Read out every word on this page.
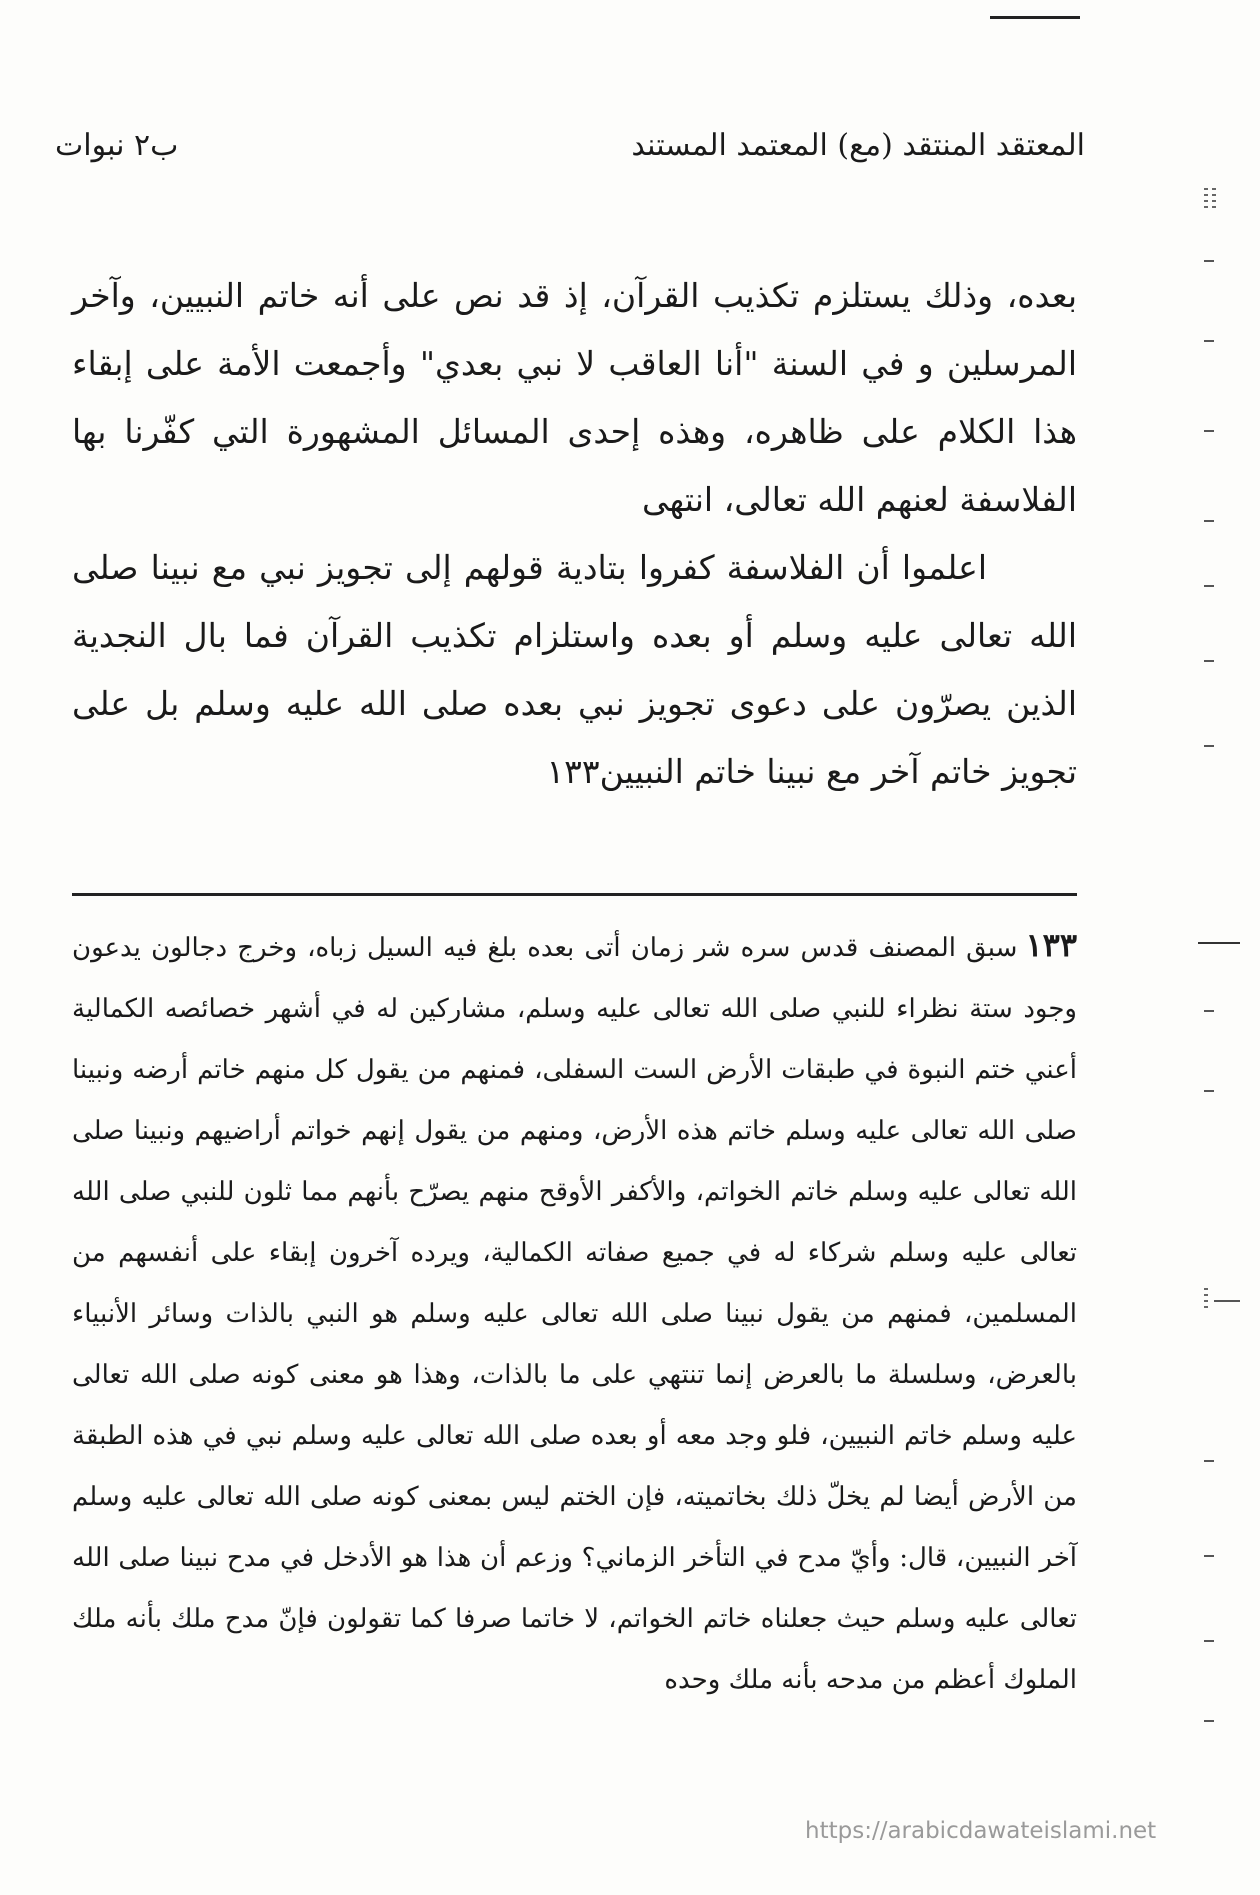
المعتقد المنتقد (مع) المعتمد المستند
ب٢ نبوات

بعده، وذلك يستلزم تكذيب القرآن، إذ قد نص على أنه خاتم النبيين، وآخر المرسلين و في السنة "أنا العاقب لا نبي بعدي" وأجمعت الأمة على إبقاء هذا الكلام على ظاهره، وهذه إحدى المسائل المشهورة التي كفّرنا بها الفلاسفة لعنهم الله تعالى، انتهى

اعلموا أن الفلاسفة كفروا بتادية قولهم إلى تجويز نبي مع نبينا صلى الله تعالى عليه وسلم أو بعده واستلزام تكذيب القرآن فما بال النجدية الذين يصرّون على دعوى تجويز نبي بعده صلى الله عليه وسلم بل على تجويز خاتم آخر مع نبينا خاتم النبيين١٣٣

١٣٣سبق المصنف قدس سره شر زمان أتى بعده بلغ فيه السيل زباه، وخرج دجالون يدعون وجود ستة نظراء للنبي صلى الله تعالى عليه وسلم، مشاركين له في أشهر خصائصه الكمالية أعني ختم النبوة في طبقات الأرض الست السفلى، فمنهم من يقول كل منهم خاتم أرضه ونبينا صلى الله تعالى عليه وسلم خاتم هذه الأرض، ومنهم من يقول إنهم خواتم أراضيهم ونبينا صلى الله تعالى عليه وسلم خاتم الخواتم، والأكفر الأوقح منهم يصرّح بأنهم مما ثلون للنبي صلى الله تعالى عليه وسلم شركاء له في جميع صفاته الكمالية، ويرده آخرون إبقاء على أنفسهم من المسلمين، فمنهم من يقول نبينا صلى الله تعالى عليه وسلم هو النبي بالذات وسائر الأنبياء بالعرض، وسلسلة ما بالعرض إنما تنتهي على ما بالذات، وهذا هو معنى كونه صلى الله تعالى عليه وسلم خاتم النبيين، فلو وجد معه أو بعده صلى الله تعالى عليه وسلم نبي في هذه الطبقة من الأرض أيضا لم يخلّ ذلك بخاتميته، فإن الختم ليس بمعنى كونه صلى الله تعالى عليه وسلم آخر النبيين، قال: وأيّ مدح في التأخر الزماني؟ وزعم أن هذا هو الأدخل في مدح نبينا صلى الله تعالى عليه وسلم حيث جعلناه خاتم الخواتم، لا خاتما صرفا كما تقولون فإنّ مدح ملك بأنه ملك الملوك أعظم من مدحه بأنه ملك وحده

https://arabicdawateislami.net
